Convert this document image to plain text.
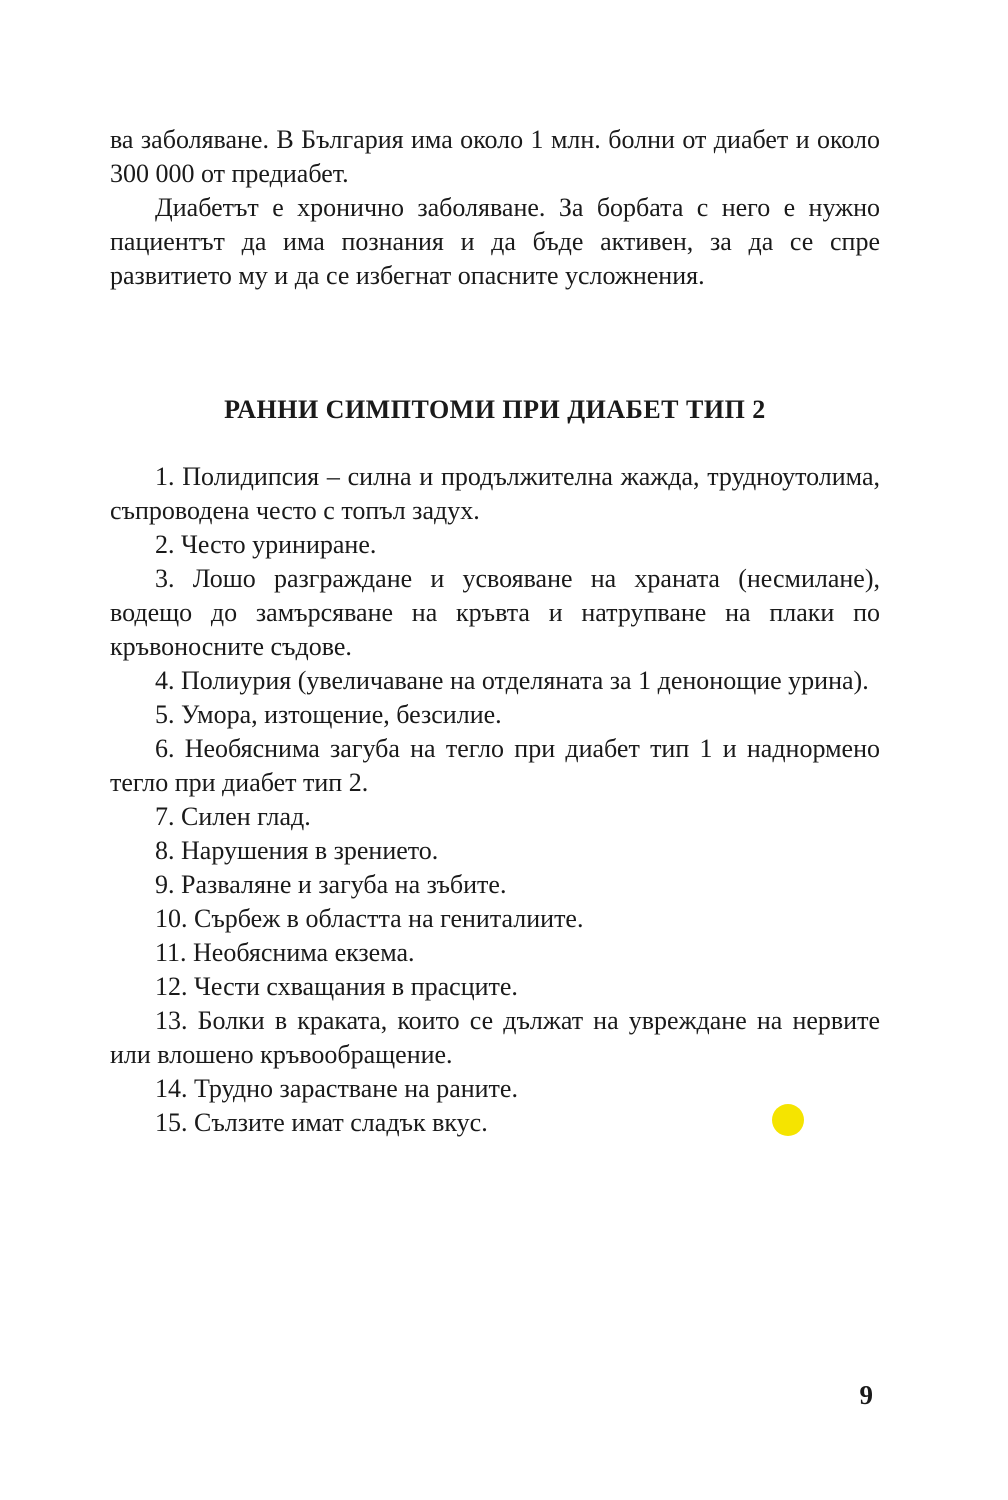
ва заболяване. В България има около 1 млн. болни от диабет и около 300 000 от предиабет.

Диабетът е хронично заболяване. За борбата с него е нужно пациентът да има познания и да бъде активен, за да се спре развитието му и да се избегнат опасните усложнения.

РАННИ СИМПТОМИ ПРИ ДИАБЕТ ТИП 2

1. Полидипсия – силна и продължителна жажда, трудноутолима, съпроводена често с топъл задух.

2. Често уриниране.

3. Лошо разграждане и усвояване на храната (несмилане), водещо до замърсяване на кръвта и натрупване на плаки по кръвоносните съдове.

4. Полиурия (увеличаване на отделяната за 1 денонощие урина).

5. Умора, изтощение, безсилие.

6. Необяснима загуба на тегло при диабет тип 1 и наднормено тегло при диабет тип 2.

7. Силен глад.

8. Нарушения в зрението.

9. Разваляне и загуба на зъбите.

10. Сърбеж в областта на гениталиите.

11. Необяснима екзема.

12. Чести схващания в прасците.

13. Болки в краката, които се дължат на увреждане на нервите или влошено кръвообращение.

14. Трудно зарастване на раните.

15. Сълзите имат сладък вкус.

9
